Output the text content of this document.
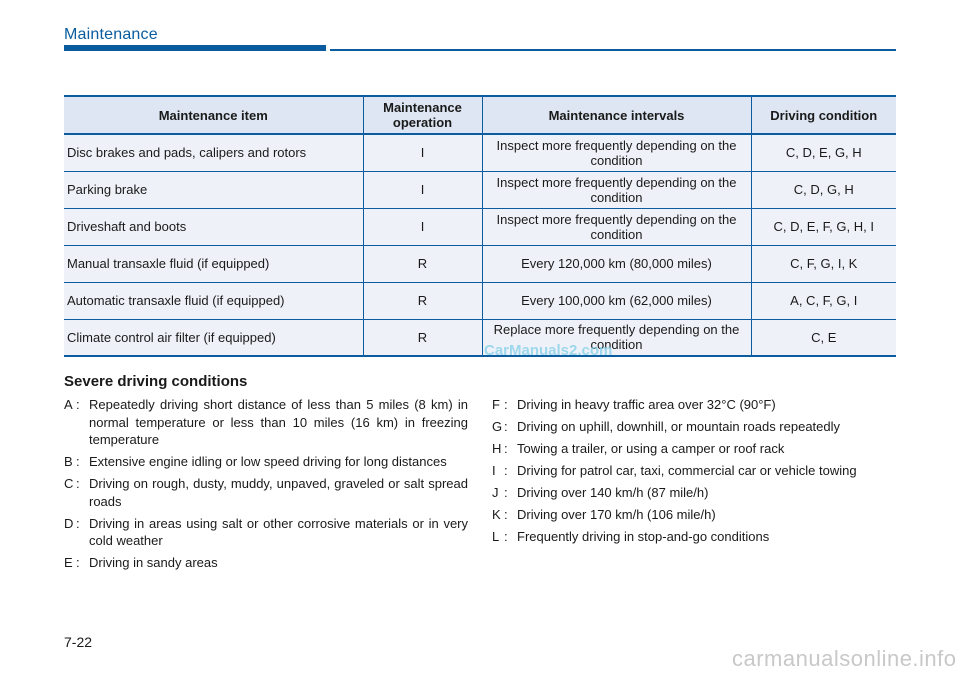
Maintenance
Maintenance item	Maintenance operation	Maintenance intervals	Driving condition
Disc brakes and pads, calipers and rotors	I	Inspect more frequently depending on the condition	C, D, E, G, H
Parking brake	I	Inspect more frequently depending on the condition	C, D, G, H
Driveshaft and boots	I	Inspect more frequently depending on the condition	C, D, E, F, G, H, I
Manual transaxle fluid (if equipped)	R	Every 120,000 km (80,000 miles)	C, F, G, I, K
Automatic transaxle fluid (if equipped)	R	Every 100,000 km (62,000 miles)	A, C, F, G, I
Climate control air filter (if equipped)	R	Replace more frequently depending on the condition	C, E
CarManuals2.com
Severe driving conditions
A : Repeatedly driving short distance of less than 5 miles (8 km) in normal temperature or less than 10 miles (16 km) in freezing temperature
B : Extensive engine idling or low speed driving for long distances
C : Driving on rough, dusty, muddy, unpaved, graveled or salt spread roads
D : Driving in areas using salt or other corrosive materials or in very cold weather
E : Driving in sandy areas
F : Driving in heavy traffic area over 32°C (90°F)
G : Driving on uphill, downhill, or mountain roads repeatedly
H : Towing a trailer, or using a camper or roof rack
I : Driving for patrol car, taxi, commercial car or vehicle towing
J : Driving over 140 km/h (87 mile/h)
K : Driving over 170 km/h (106 mile/h)
L : Frequently driving in stop-and-go conditions
7-22
carmanualsonline.info
